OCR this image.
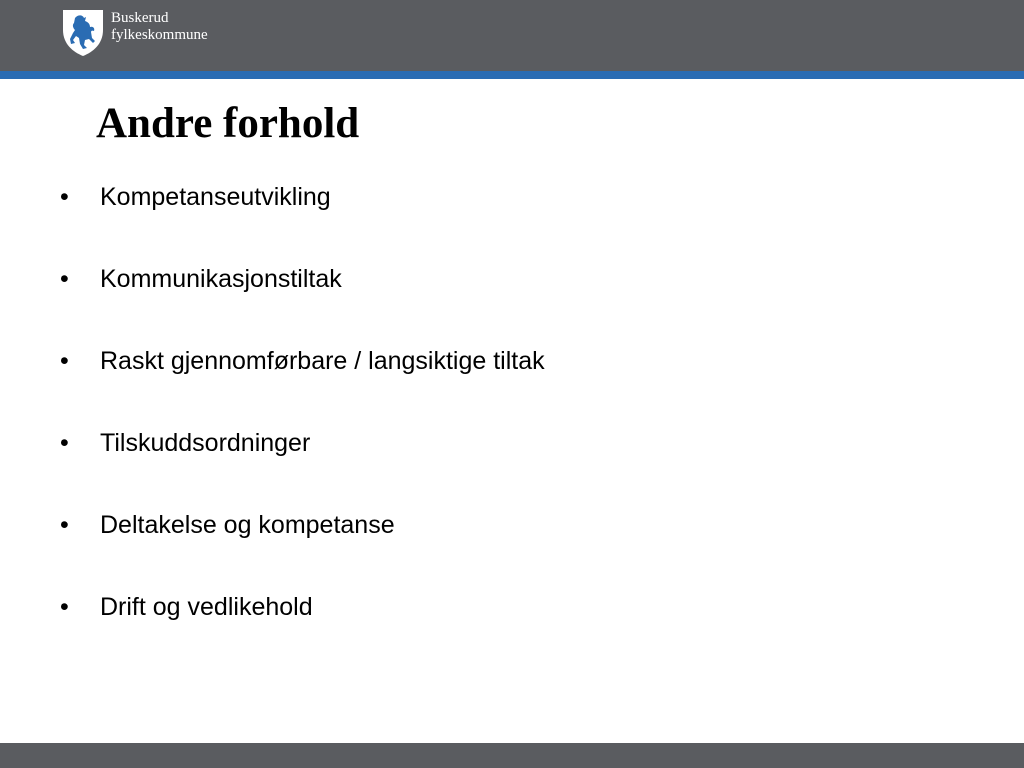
Buskerud
fylkeskommune
Andre forhold
•	Kompetanseutvikling
•	Kommunikasjonstiltak
•	Raskt gjennomførbare / langsiktige tiltak
•	Tilskuddsordninger
•	Deltakelse og kompetanse
•	Drift og vedlikehold
